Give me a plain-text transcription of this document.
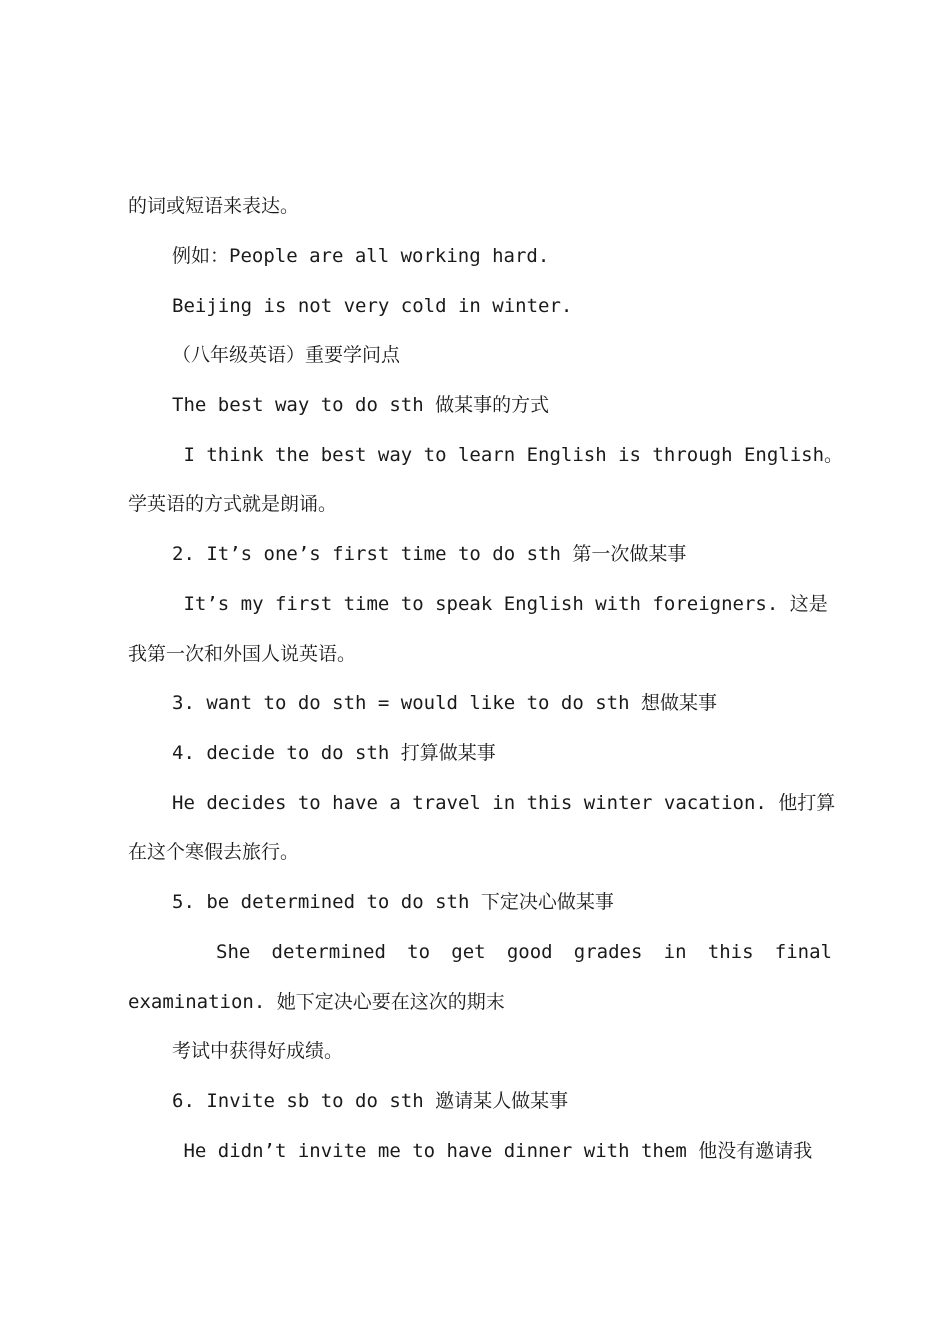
的词或短语来表达。
例如：People are all working hard.
Beijing is not very cold in winter.
（八年级英语）重要学问点
The best way to do sth 做某事的方式
I think the best way to learn English is through English。
学英语的方式就是朗诵。
2. It’s one’s first time to do sth 第一次做某事
It’s my first time to speak English with foreigners. 这是
我第一次和外国人说英语。
3. want to do sth = would like to do sth 想做某事
4. decide to do sth 打算做某事
He decides to have a travel in this winter vacation. 他打算
在这个寒假去旅行。
5. be determined to do sth 下定决心做某事
She determined to get good grades in this final
examination. 她下定决心要在这次的期末
考试中获得好成绩。
6. Invite sb to do sth 邀请某人做某事
He didn’t invite me to have dinner with them 他没有邀请我
